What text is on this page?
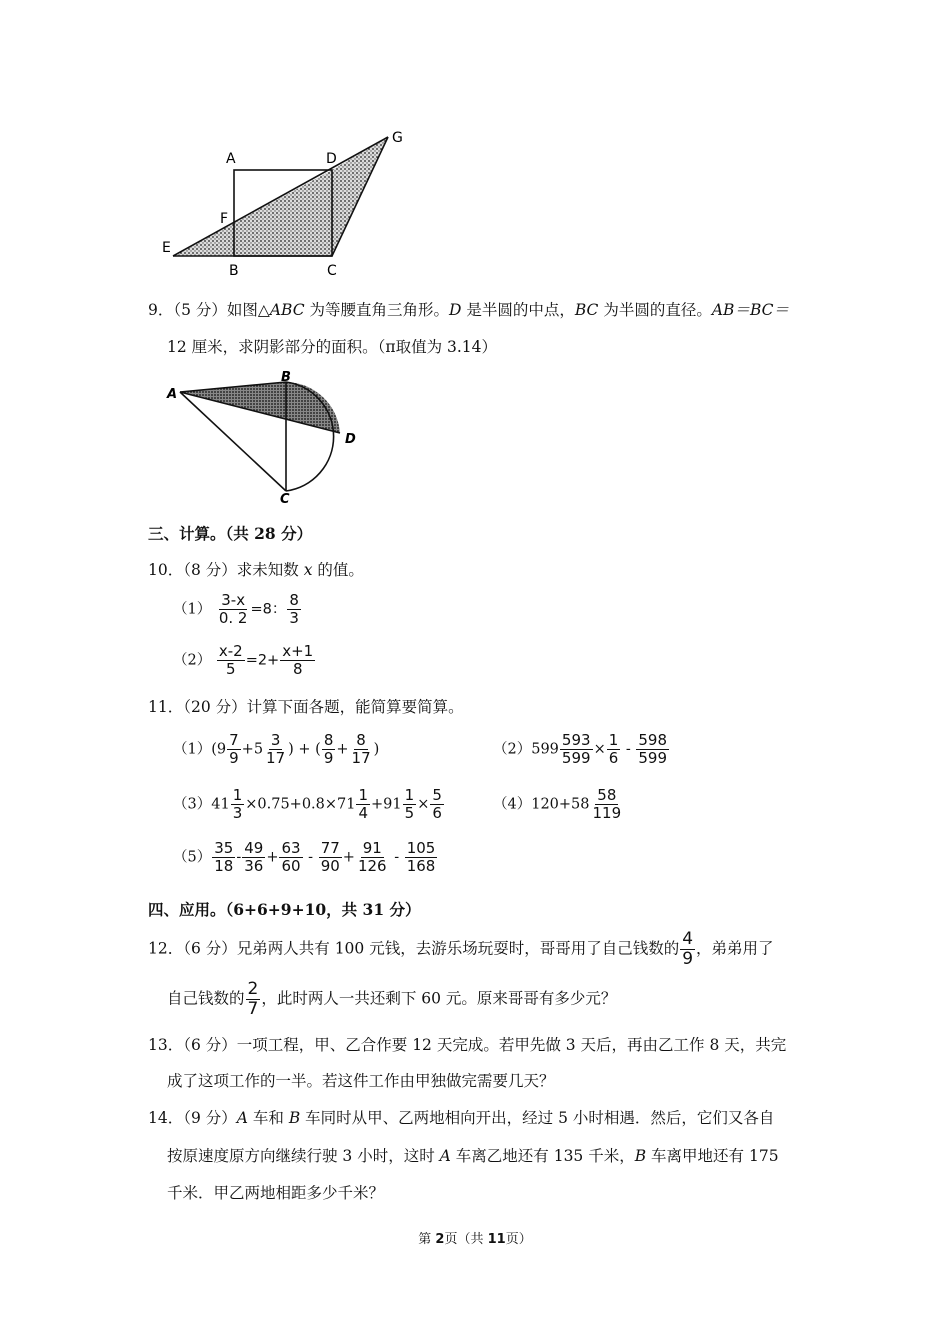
A	D
G
F
E
B	C
9．（5 分）如图△ABC 为等腰直角三角形。D 是半圆的中点，BC 为半圆的直径。AB＝BC＝
12 厘米，求阴影部分的面积。（π取值为 3.14）
A
B
D
C
三、计算。（共 28 分）
10．（8 分）求未知数 x 的值。
$(1) \frac{3-x}{0. 2} =8$： $\frac{8}{3}$
$(2) \frac{x-2}{5} =2+ \frac{x+1}{8}$
11．（20 分）计算下面各题，能简算要简算。
$(1)(9 \frac{7}{9} +5 \frac{3}{17}$ ) + ( $\frac{8}{9} + \frac{8}{17}$ )	$(2)599 \frac{593}{599} \times \frac{1}{6} - \frac{598}{599}$
$(3)41 \frac{1}{3} \times 0.75+0.8\times 71 \frac{1}{4} +91 \frac{1}{5} \times \frac{5}{6}$	$(4)120+58 \frac{58}{119}$
$(5) \frac{35}{18} - \frac{49}{36} + \frac{63}{60} - \frac{77}{90} + \frac{91}{126} - \frac{105}{168}$
四、应用。（6+6+9+10，共 31 分）
12．（6 分）兄弟两人共有 100 元钱，去游乐场玩耍时，哥哥用了自己钱数的 $\frac{4}{9}$ ，弟弟用了
自己钱数的 $\frac{2}{7}$ ，此时两人一共还剩下 60 元。原来哥哥有多少元？
13．（6 分）一项工程，甲、乙合作要 12 天完成。若甲先做 3 天后，再由乙工作 8 天，共完
成了这项工作的一半。若这件工作由甲独做完需要几天？
14．（9 分）A 车和 B 车同时从甲、乙两地相向开出，经过 5 小时相遇．然后，它们又各自
按原速度原方向继续行驶 3 小时，这时 A 车离乙地还有 135 千米，B 车离甲地还有 175
千米．甲乙两地相距多少千米？
第 2页（共 11页）
